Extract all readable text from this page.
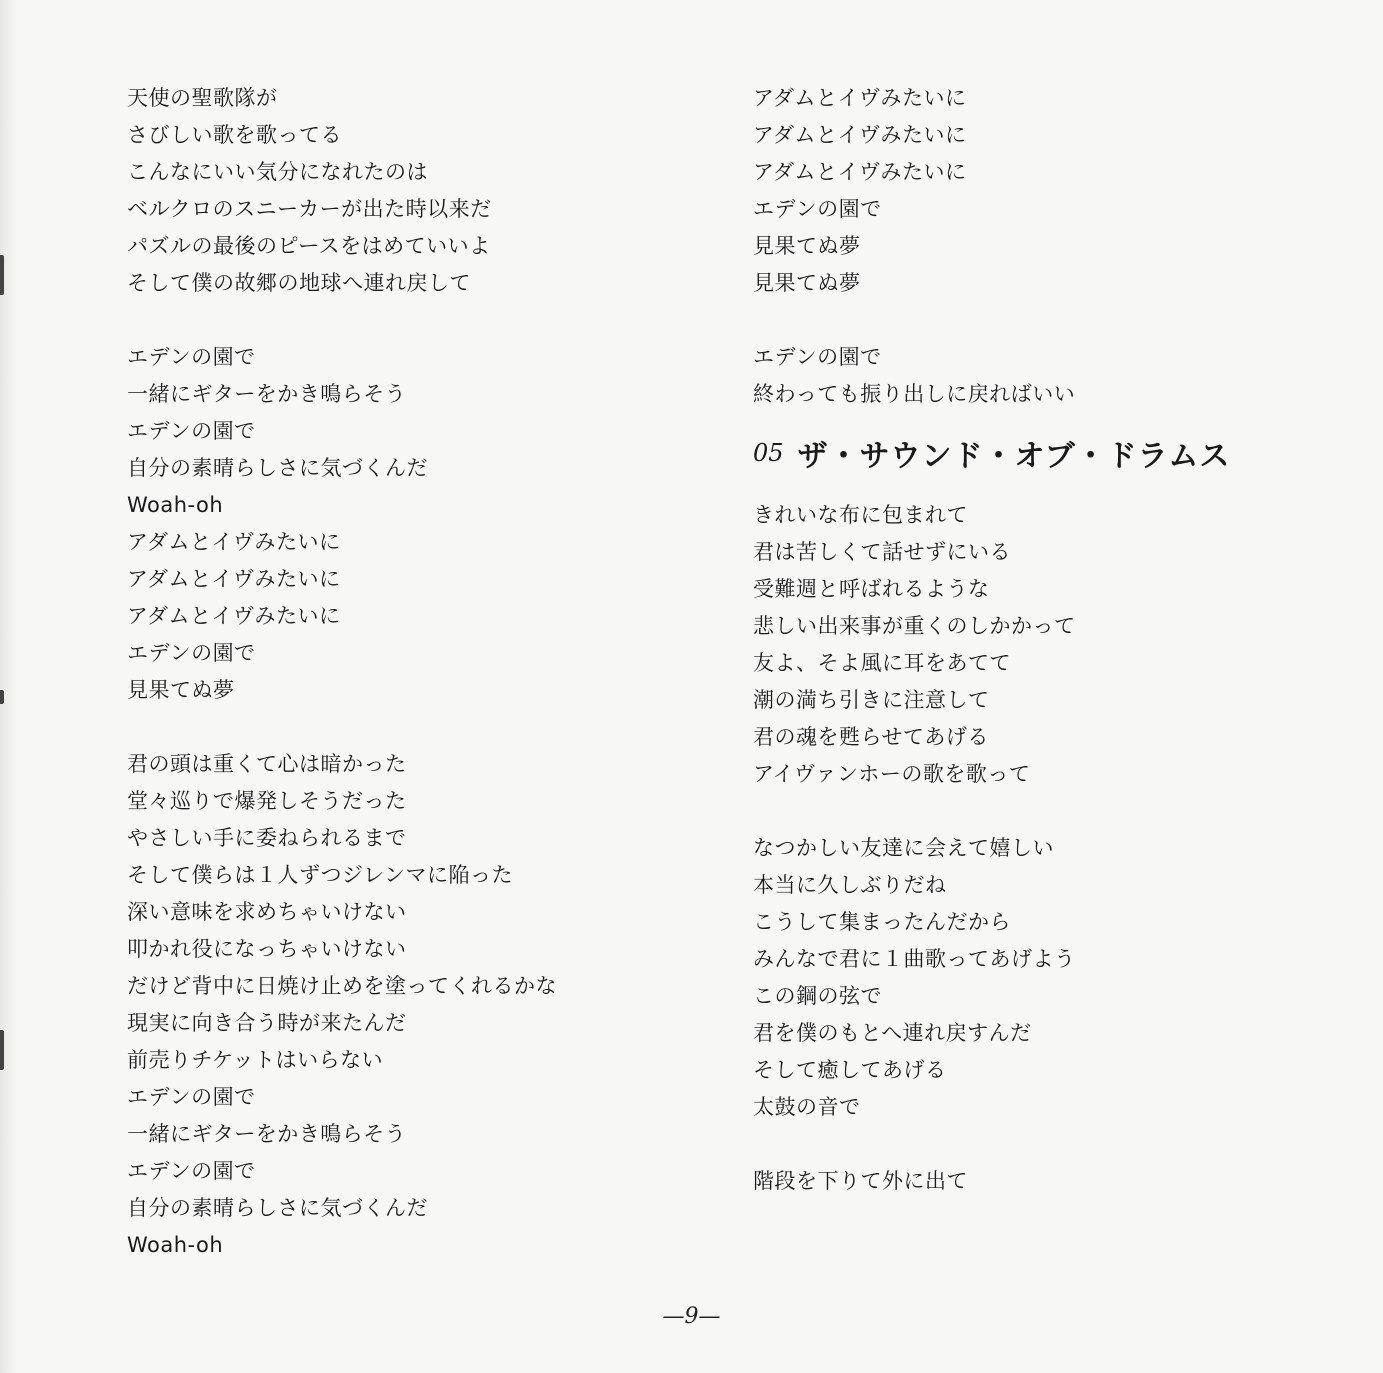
天使の聖歌隊が
さびしい歌を歌ってる
こんなにいい気分になれたのは
ベルクロのスニーカーが出た時以来だ
パズルの最後のピースをはめていいよ
そして僕の故郷の地球へ連れ戻して
エデンの園で
一緒にギターをかき鳴らそう
エデンの園で
自分の素晴らしさに気づくんだ
Woah-oh
アダムとイヴみたいに
アダムとイヴみたいに
アダムとイヴみたいに
エデンの園で
見果てぬ夢
君の頭は重くて心は暗かった
堂々巡りで爆発しそうだった
やさしい手に委ねられるまで
そして僕らは１人ずつジレンマに陥った
深い意味を求めちゃいけない
叩かれ役になっちゃいけない
だけど背中に日焼け止めを塗ってくれるかな
現実に向き合う時が来たんだ
前売りチケットはいらない
エデンの園で
一緒にギターをかき鳴らそう
エデンの園で
自分の素晴らしさに気づくんだ
Woah-oh
アダムとイヴみたいに
アダムとイヴみたいに
アダムとイヴみたいに
エデンの園で
見果てぬ夢
見果てぬ夢
エデンの園で
終わっても振り出しに戻ればいい
05 ザ・サウンド・オブ・ドラムス
きれいな布に包まれて
君は苦しくて話せずにいる
受難週と呼ばれるような
悲しい出来事が重くのしかかって
友よ、そよ風に耳をあてて
潮の満ち引きに注意して
君の魂を甦らせてあげる
アイヴァンホーの歌を歌って
なつかしい友達に会えて嬉しい
本当に久しぶりだね
こうして集まったんだから
みんなで君に１曲歌ってあげよう
この鋼の弦で
君を僕のもとへ連れ戻すんだ
そして癒してあげる
太鼓の音で
階段を下りて外に出て
—9—
